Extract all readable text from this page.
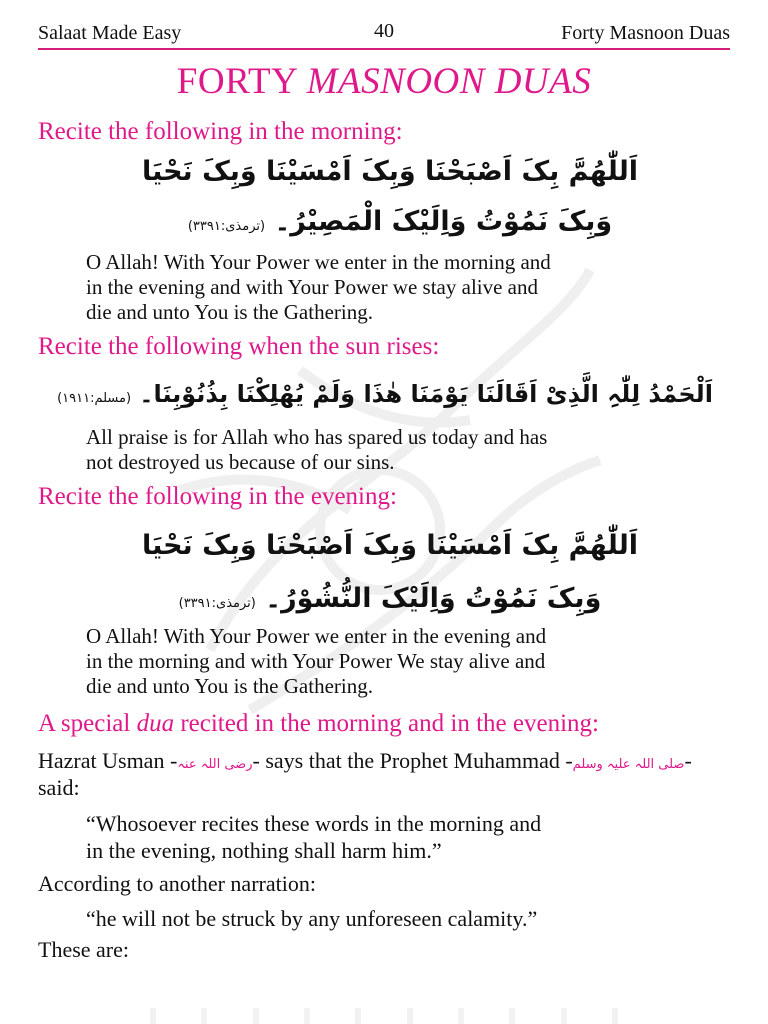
Salaat Made Easy	40	Forty Masnoon Duas
FORTY MASNOON DUAS
Recite the following in the morning:
اَللّٰھُمَّ بِکَ اَصْبَحْنَا وَبِکَ اَمْسَیْنَا وَبِکَ نَحْیَا
وَبِکَ نَمُوْتُ وَاِلَیْکَ الْمَصِیْرُ۔ (ترمذی:۳۳۹۱)
O Allah! With Your Power we enter in the morning and
in the evening and with Your Power we stay alive and
die and unto You is the Gathering.
Recite the following when the sun rises:
اَلْحَمْدُ لِلّٰہِ الَّذِیْ اَقَالَنَا یَوْمَنَا ھٰذَا وَلَمْ یُھْلِکْنَا بِذُنُوْبِنَا۔ (مسلم:۱۹۱۱)
All praise is for Allah who has spared us today and has
not destroyed us because of our sins.
Recite the following in the evening:
اَللّٰھُمَّ بِکَ اَمْسَیْنَا وَبِکَ اَصْبَحْنَا وَبِکَ نَحْیَا
وَبِکَ نَمُوْتُ وَاِلَیْکَ النُّشُوْرُ۔ (ترمذی:۳۳۹۱)
O Allah! With Your Power we enter in the evening and
in the morning and with Your Power We stay alive and
die and unto You is the Gathering.
A special dua recited in the morning and in the evening:
Hazrat Usman -رضی اللہ عنہ- says that the Prophet Muhammad -صلی اللہ علیہ وسلم-
said:
“Whosoever recites these words in the morning and
in the evening, nothing shall harm him.”
According to another narration:
“he will not be struck by any unforeseen calamity.”
These are:
